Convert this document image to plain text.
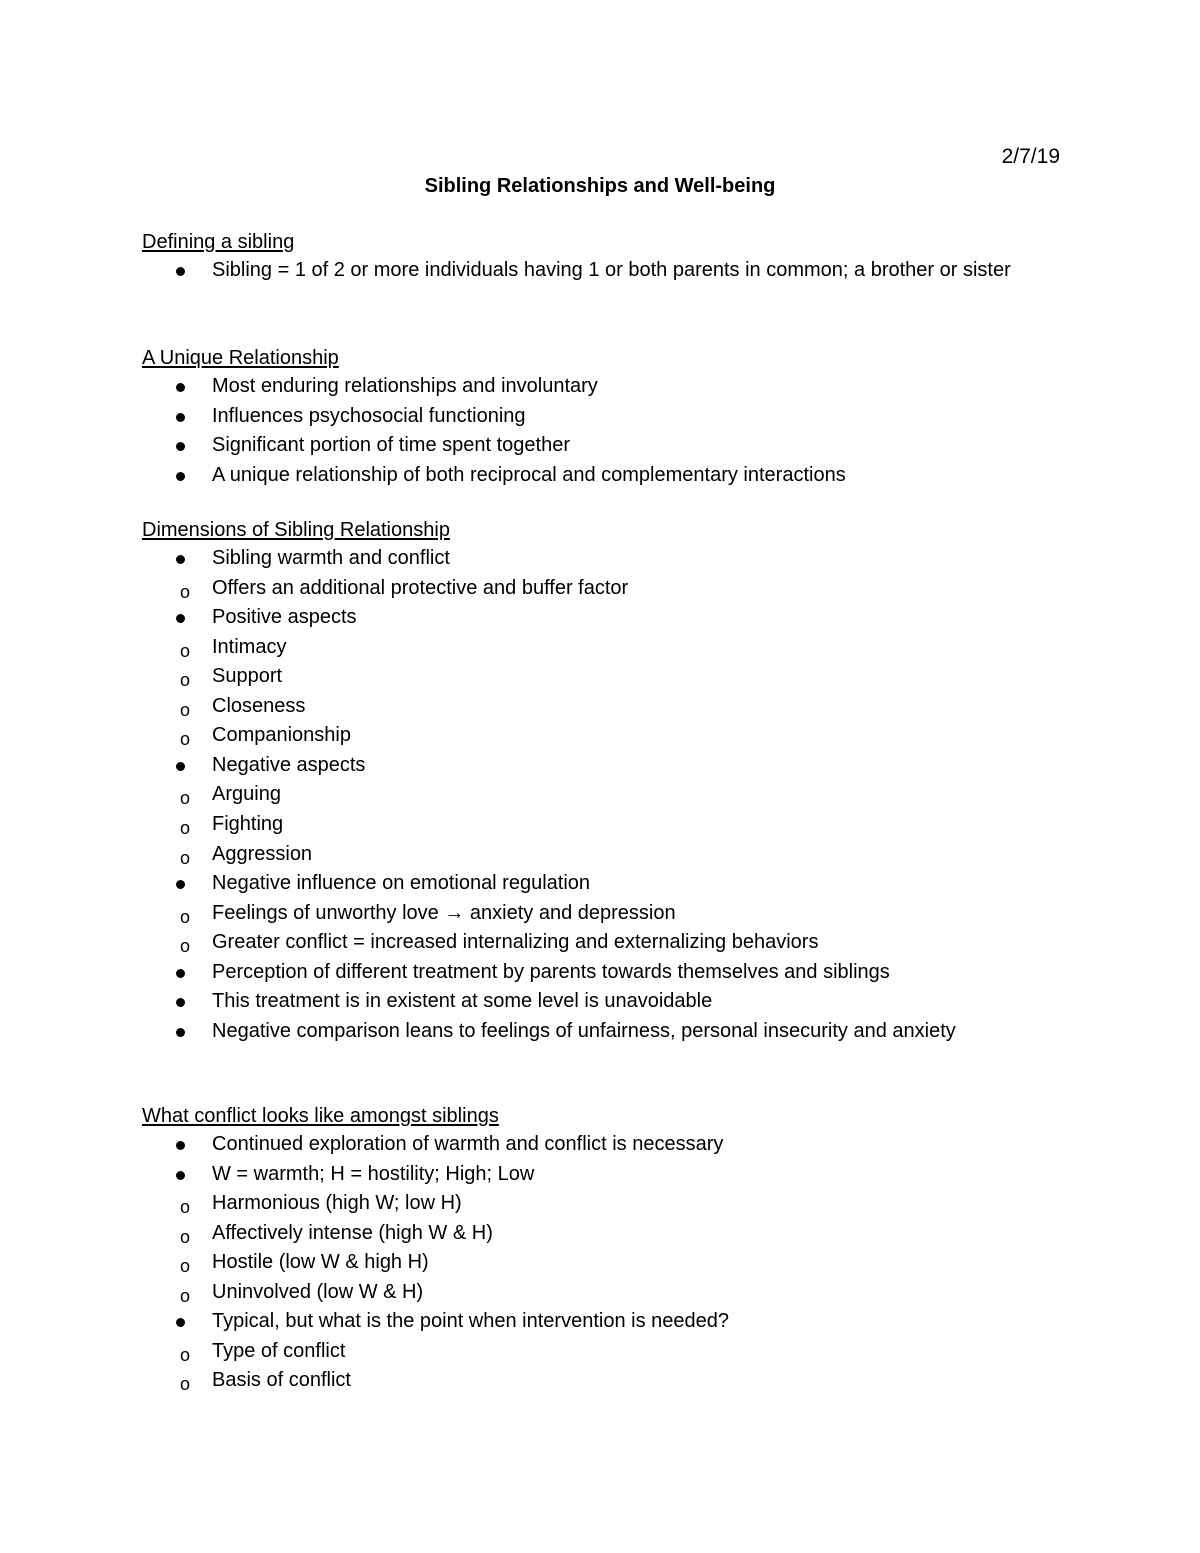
2/7/19
Sibling Relationships and Well-being

Defining a sibling

Sibling = 1 of 2 or more individuals having 1 or both parents in common; a brother or sister

A Unique Relationship

Most enduring relationships and involuntary
Influences psychosocial functioning
Significant portion of time spent together
A unique relationship of both reciprocal and complementary interactions

Dimensions of Sibling Relationship

Sibling warmth and conflict
o Offers an additional protective and buffer factor
Positive aspects
o Intimacy
o Support
o Closeness
o Companionship
Negative aspects
o Arguing
o Fighting
o Aggression
Negative influence on emotional regulation
o Feelings of unworthy love → anxiety and depression
o Greater conflict = increased internalizing and externalizing behaviors
Perception of different treatment by parents towards themselves and siblings
This treatment is in existent at some level is unavoidable
Negative comparison leans to feelings of unfairness, personal insecurity and anxiety

What conflict looks like amongst siblings

Continued exploration of warmth and conflict is necessary
W = warmth; H = hostility; High; Low
o Harmonious (high W; low H)
o Affectively intense (high W & H)
o Hostile (low W & high H)
o Uninvolved (low W & H)
Typical, but what is the point when intervention is needed?
o Type of conflict
o Basis of conflict
